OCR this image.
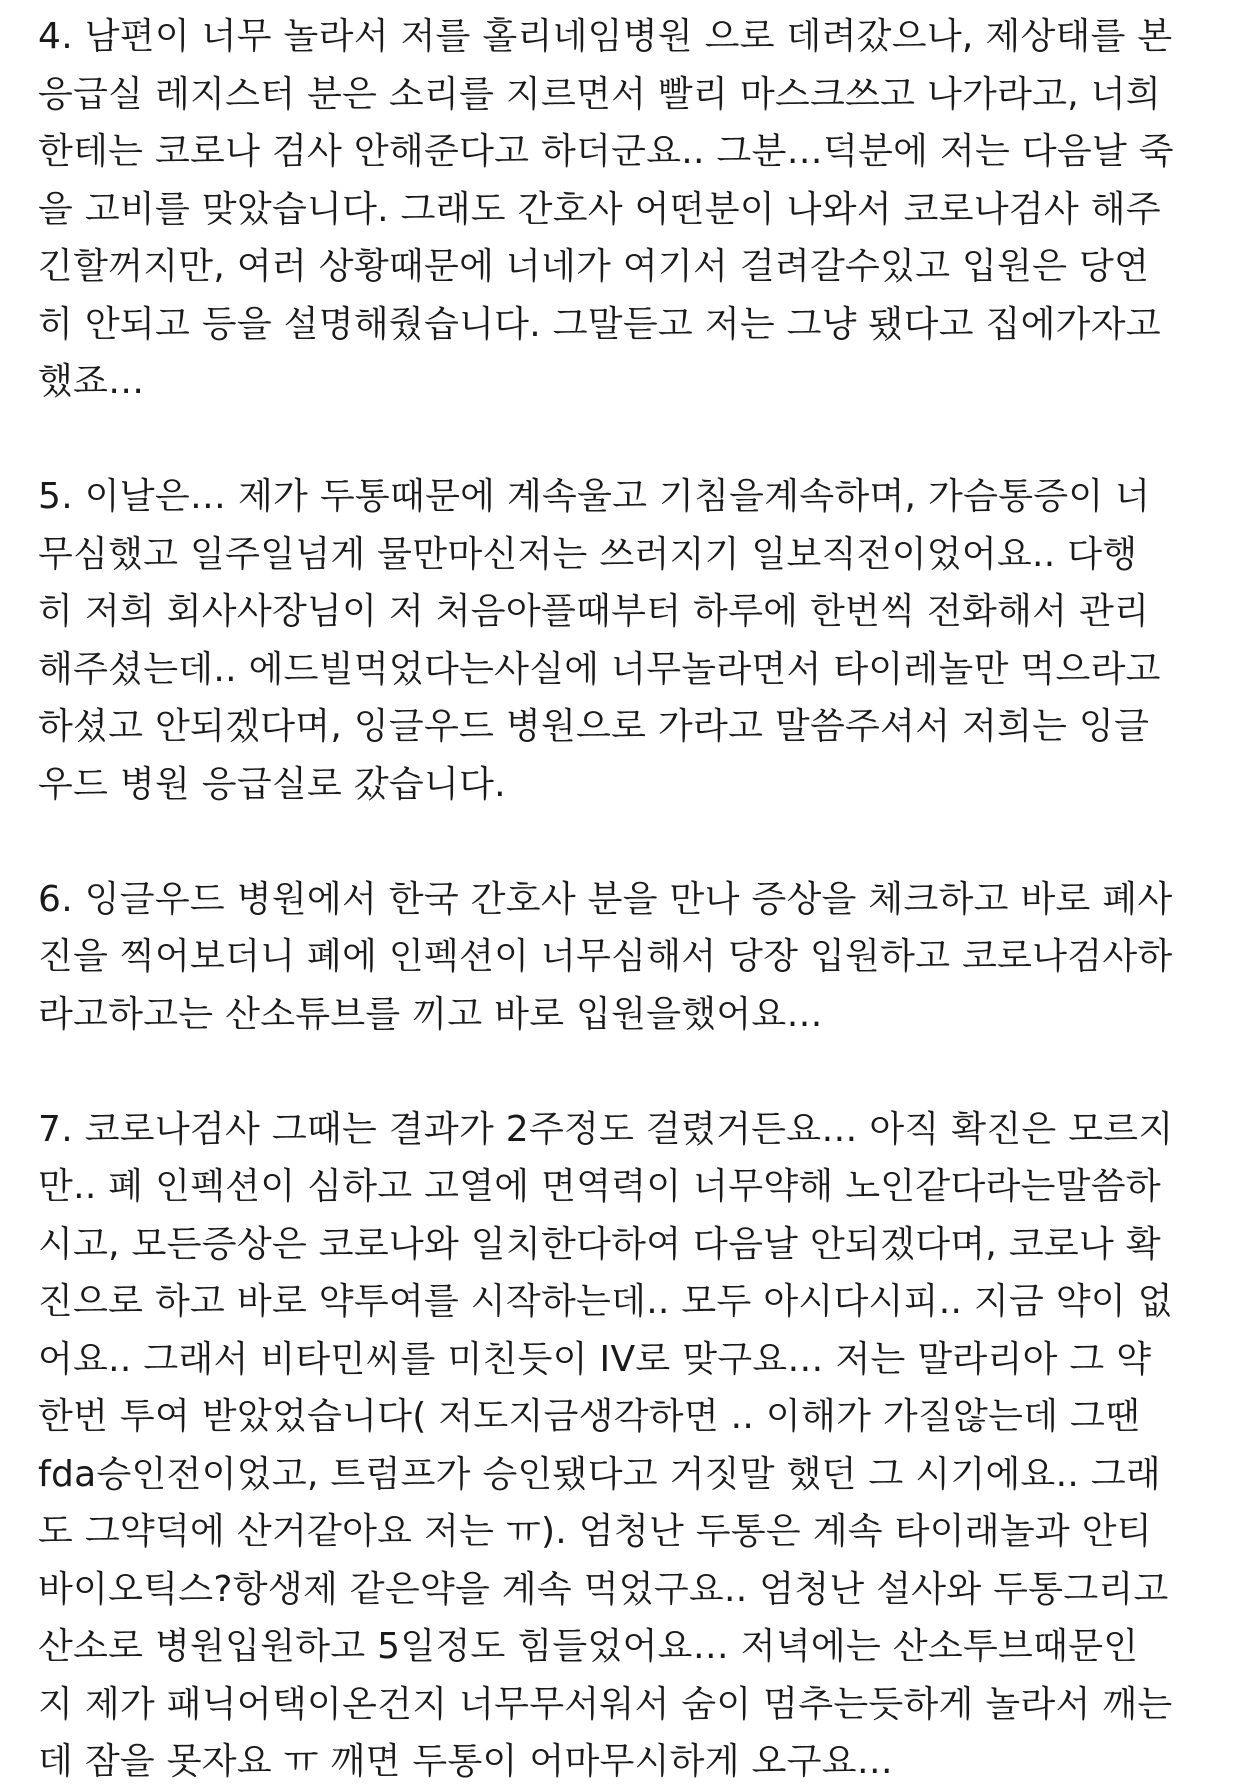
4. 남편이 너무 놀라서 저를 홀리네임병원 으로 데려갔으나, 제상태를 본
응급실 레지스터 분은 소리를 지르면서 빨리 마스크쓰고 나가라고, 너희
한테는 코로나 검사 안해준다고 하더군요.. 그분…덕분에 저는 다음날 죽
을 고비를 맞았습니다. 그래도 간호사 어떤분이 나와서 코로나검사 해주
긴할꺼지만, 여러 상황때문에 너네가 여기서 걸려갈수있고 입원은 당연
히 안되고 등을 설명해줬습니다. 그말듣고 저는 그냥 됐다고 집에가자고
했죠…
5. 이날은… 제가 두통때문에 계속울고 기침을계속하며, 가슴통증이 너
무심했고 일주일넘게 물만마신저는 쓰러지기 일보직전이었어요.. 다행
히 저희 회사사장님이 저 처음아플때부터 하루에 한번씩 전화해서 관리
해주셨는데.. 에드빌먹었다는사실에 너무놀라면서 타이레놀만 먹으라고
하셨고 안되겠다며, 잉글우드 병원으로 가라고 말씀주셔서 저희는 잉글
우드 병원 응급실로 갔습니다.
6. 잉글우드 병원에서 한국 간호사 분을 만나 증상을 체크하고 바로 폐사
진을 찍어보더니 폐에 인펙션이 너무심해서 당장 입원하고 코로나검사하
라고하고는 산소튜브를 끼고 바로 입원을했어요…
7. 코로나검사 그때는 결과가 2주정도 걸렸거든요… 아직 확진은 모르지
만.. 폐 인펙션이 심하고 고열에 면역력이 너무약해 노인같다라는말씀하
시고, 모든증상은 코로나와 일치한다하여 다음날 안되겠다며, 코로나 확
진으로 하고 바로 약투여를 시작하는데.. 모두 아시다시피.. 지금 약이 없
어요.. 그래서 비타민씨를 미친듯이 IV로 맞구요… 저는 말라리아 그 약
한번 투여 받았었습니다( 저도지금생각하면 .. 이해가 가질않는데 그땐
fda승인전이었고, 트럼프가 승인됐다고 거짓말 했던 그 시기에요.. 그래
도 그약덕에 산거같아요 저는 ㅠ). 엄청난 두통은 계속 타이래놀과 안티
바이오틱스?항생제 같은약을 계속 먹었구요.. 엄청난 설사와 두통그리고
산소로 병원입원하고 5일정도 힘들었어요… 저녁에는 산소투브때문인
지 제가 패닉어택이온건지 너무무서워서 숨이 멈추는듯하게 놀라서 깨는
데 잠을 못자요 ㅠ 깨면 두통이 어마무시하게 오구요…
